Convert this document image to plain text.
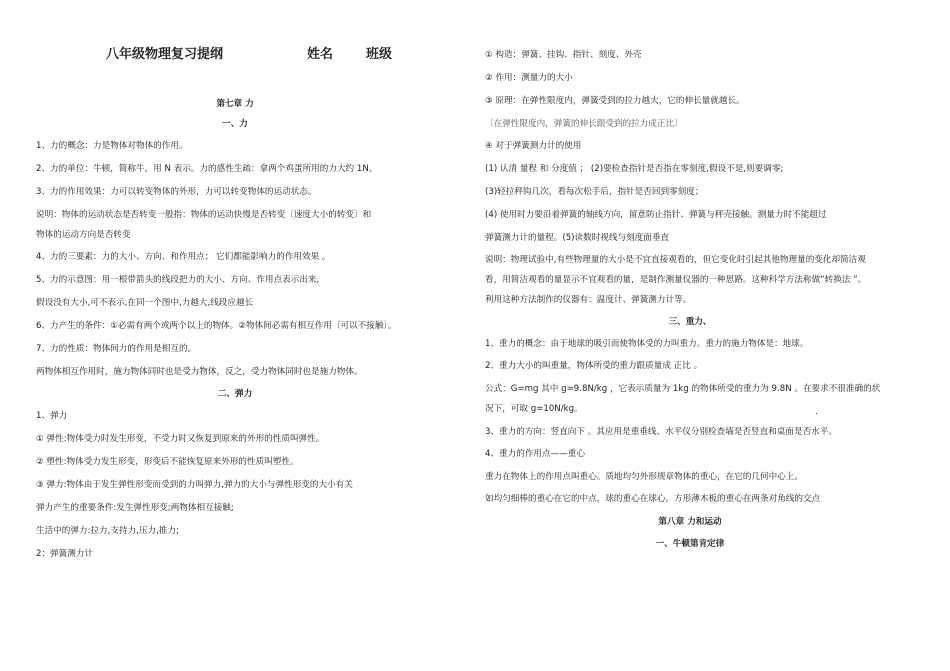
八年级物理复习提纲	姓名	班级
第七章 力
一、力
1、力的概念：力是物体对物体的作用。
2、力的单位：牛顿，简称牛，用 N 表示。力的感性生疏：拿两个鸡蛋所用的力大约 1N。
3、力的作用效果：力可以转变物体的外形，力可以转变物体的运动状态。
说明：物体的运动状态是否转变一般指：物体的运动快慢是否转变〔速度大小的转变〕和
物体的运动方向是否转变
4、力的三要素：力的大小、方向、和作用点； 它们都能影响力的作用效果 。
5、力的示意图：用一根带箭头的线段把力的大小、方向、作用点表示出来,
假设没有大小,可不表示,在同一个图中,力越大,线段应越长
6、力产生的条件：①必需有两个或两个以上的物体。②物体间必需有相互作用〔可以不接触〕。
7、力的性质：物体间力的作用是相互的。
两物体相互作用时，施力物体同时也是受力物体，反之，受力物体同时也是施力物体。
二、弹力
1、弹力
① 弹性:物体受力时发生形变，不受力时又恢复到原来的外形的性质叫弹性。
② 塑性:物体受力发生形变，形变后不能恢复原来外形的性质叫塑性。
③ 弹力:物体由于发生弹性形变而受到的力叫弹力,弹力的大小与弹性形变的大小有关
弹力产生的重要条件:发生弹性形变;两物体相互接触;
生活中的弹力:拉力,支持力,压力,推力;
2：弹簧测力计
① 构造：弹簧、挂钩、指针、刻度、外壳
② 作用：测量力的大小
③ 原理：在弹性限度内，弹簧受到的拉力越大，它的伸长量就越长。
〔在弹性限度内，弹簧的伸长跟受到的拉力成正比〕
④ 对于弹簧测力计的使用
(1) 认清 量程 和 分度值 ； (2)要检查指针是否指在零刻度,假设不是,则要调零;
(3)轻拉秤钩几次，看每次松手后，指针是否回到零刻度；
(4) 使用时力要沿着弹簧的轴线方向，留意防止指针、弹簧与秤壳接触。测量力时不能超过
弹簧测力计的量程。(5)读数时视线与刻度面垂直
说明：物理试验中,有些物理量的大小是不宜直接观看的，但它变化时引起其他物理量的变化却简洁观
看，用简洁观看的量显示不宜观看的量，是制作测量仪器的一种思路。这种科学方法称做“转换法 ”。
利用这种方法制作的仪器有：温度计、弹簧测力计等。
三、重力、
1、重力的概念：由于地球的吸引而使物体受的力叫重力。重力的施力物体是：地球。
2、重力大小的叫重量，物体所受的重力跟质量成 正比 。
公式：G=mg 其中 g=9.8N/kg ，它表示质量为 1kg 的物体所受的重力为 9.8N 。在要求不很准确的状
况下，可取 g=10N/kg。	.
3、重力的方向：竖直向下 。其应用是重垂线、水平仪分别检查墙是否竖直和桌面是否水平。
4、重力的作用点——重心
重力在物体上的作用点叫重心。质地均匀外形规章物体的重心，在它的几何中心上。
如均匀细棒的重心在它的中点，球的重心在球心。方形薄木板的重心在两条对角线的交点
第八章 力和运动
一、牛顿第肯定律
